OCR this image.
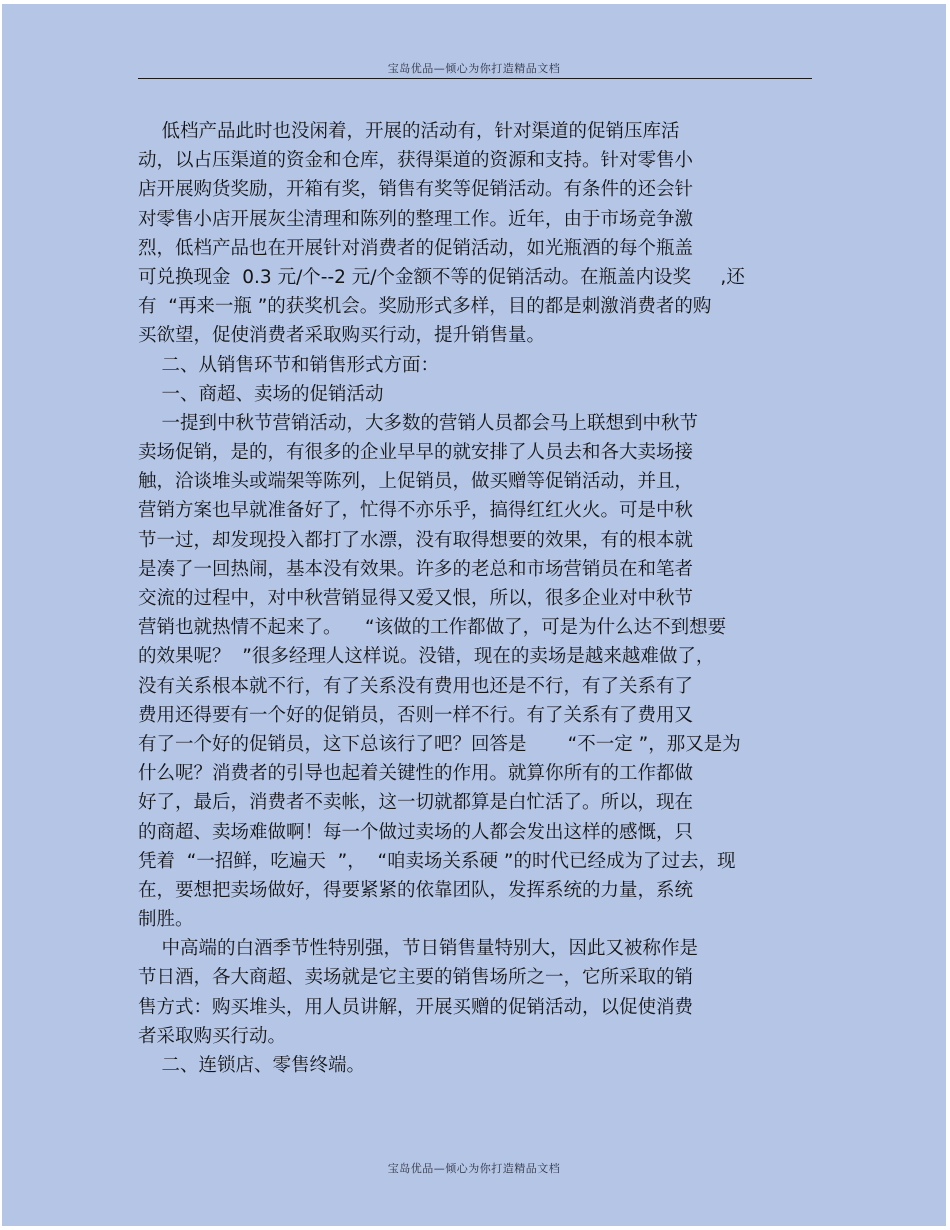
宝岛优品—倾心为你打造精品文档
低档产品此时也没闲着，开展的活动有，针对渠道的促销压库活
动，以占压渠道的资金和仓库，获得渠道的资源和支持。针对零售小
店开展购货奖励，开箱有奖，销售有奖等促销活动。有条件的还会针
对零售小店开展灰尘清理和陈列的整理工作。近年，由于市场竞争激
烈，低档产品也在开展针对消费者的促销活动，如光瓶酒的每个瓶盖
可兑换现金  0.3 元/个--2 元/个金额不等的促销活动。在瓶盖内设奖     ,还
有  “再来一瓶 ”的获奖机会。奖励形式多样，目的都是刺激消费者的购
买欲望，促使消费者采取购买行动，提升销售量。
二、从销售环节和销售形式方面：
一、商超、卖场的促销活动
一提到中秋节营销活动，大多数的营销人员都会马上联想到中秋节
卖场促销，是的，有很多的企业早早的就安排了人员去和各大卖场接
触，洽谈堆头或端架等陈列，上促销员，做买赠等促销活动，并且，
营销方案也早就准备好了，忙得不亦乐乎，搞得红红火火。可是中秋
节一过，却发现投入都打了水漂，没有取得想要的效果，有的根本就
是凑了一回热闹，基本没有效果。许多的老总和市场营销员在和笔者
交流的过程中，对中秋营销显得又爱又恨，所以，很多企业对中秋节
营销也就热情不起来了。    “该做的工作都做了，可是为什么达不到想要
的效果呢？  ”很多经理人这样说。没错，现在的卖场是越来越难做了，
没有关系根本就不行，有了关系没有费用也还是不行，有了关系有了
费用还得要有一个好的促销员，否则一样不行。有了关系有了费用又
有了一个好的促销员，这下总该行了吧？回答是       “不一定 ”，那又是为
什么呢？消费者的引导也起着关键性的作用。就算你所有的工作都做
好了，最后，消费者不卖帐，这一切就都算是白忙活了。所以，现在
的商超、卖场难做啊！每一个做过卖场的人都会发出这样的感慨，只
凭着  “一招鲜，吃遍天  ”，  “咱卖场关系硬 ”的时代已经成为了过去，现
在，要想把卖场做好，得要紧紧的依靠团队，发挥系统的力量，系统
制胜。
中高端的白酒季节性特别强，节日销售量特别大，因此又被称作是
节日酒，各大商超、卖场就是它主要的销售场所之一，它所采取的销
售方式：购买堆头，用人员讲解，开展买赠的促销活动，以促使消费
者采取购买行动。
二、连锁店、零售终端。
宝岛优品—倾心为你打造精品文档
